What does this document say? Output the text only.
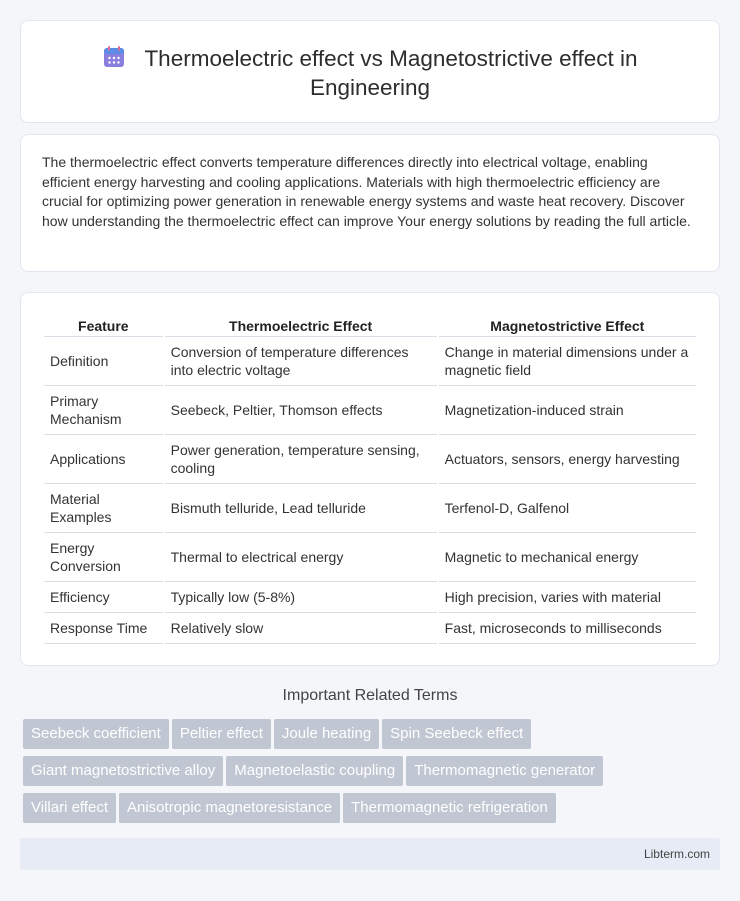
Thermoelectric effect vs Magnetostrictive effect in Engineering

The thermoelectric effect converts temperature differences directly into electrical voltage, enabling efficient energy harvesting and cooling applications. Materials with high thermoelectric efficiency are crucial for optimizing power generation in renewable energy systems and waste heat recovery. Discover how understanding the thermoelectric effect can improve Your energy solutions by reading the full article.

Feature	Thermoelectric Effect	Magnetostrictive Effect
Definition	Conversion of temperature differences into electric voltage	Change in material dimensions under a magnetic field
Primary Mechanism	Seebeck, Peltier, Thomson effects	Magnetization-induced strain
Applications	Power generation, temperature sensing, cooling	Actuators, sensors, energy harvesting
Material Examples	Bismuth telluride, Lead telluride	Terfenol-D, Galfenol
Energy Conversion	Thermal to electrical energy	Magnetic to mechanical energy
Efficiency	Typically low (5-8%)	High precision, varies with material
Response Time	Relatively slow	Fast, microseconds to milliseconds
Important Related Terms
Seebeck coefficient Peltier effect Joule heating Spin Seebeck effect
Giant magnetostrictive alloy Magnetoelastic coupling Thermomagnetic generator
Villari effect Anisotropic magnetoresistance Thermomagnetic refrigeration
Libterm.com
